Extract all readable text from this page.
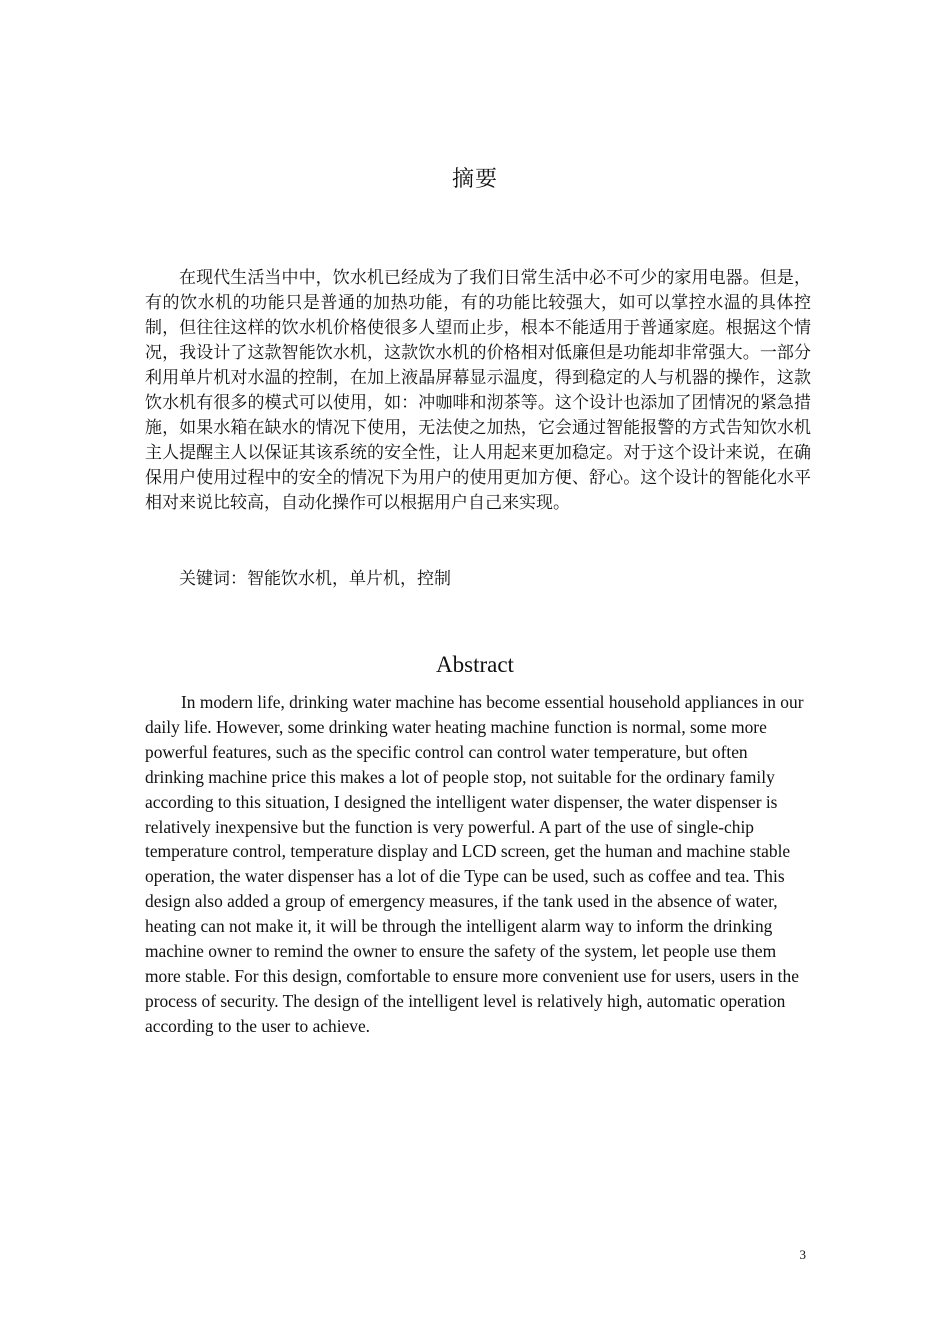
摘要
在现代生活当中中，饮水机已经成为了我们日常生活中必不可少的家用电器。但是，有的饮水机的功能只是普通的加热功能，有的功能比较强大，如可以掌控水温的具体控制，但往往这样的饮水机价格使很多人望而止步，根本不能适用于普通家庭。根据这个情况，我设计了这款智能饮水机，这款饮水机的价格相对低廉但是功能却非常强大。一部分利用单片机对水温的控制，在加上液晶屏幕显示温度，得到稳定的人与机器的操作，这款饮水机有很多的模式可以使用，如：冲咖啡和沏茶等。这个设计也添加了团情况的紧急措施，如果水箱在缺水的情况下使用，无法使之加热，它会通过智能报警的方式告知饮水机主人提醒主人以保证其该系统的安全性，让人用起来更加稳定。对于这个设计来说，在确保用户使用过程中的安全的情况下为用户的使用更加方便、舒心。这个设计的智能化水平相对来说比较高，自动化操作可以根据用户自己来实现。
关键词：智能饮水机，单片机，控制
Abstract
In modern life, drinking water machine has become essential household appliances in our daily life. However, some drinking water heating machine function is normal, some more powerful features, such as the specific control can control water temperature, but often drinking machine price this makes a lot of people stop, not suitable for the ordinary family according to this situation, I designed the intelligent water dispenser, the water dispenser is relatively inexpensive but the function is very powerful. A part of the use of single-chip temperature control, temperature display and LCD screen, get the human and machine stable operation, the water dispenser has a lot of die Type can be used, such as coffee and tea. This design also added a group of emergency measures, if the tank used in the absence of water, heating can not make it, it will be through the intelligent alarm way to inform the drinking machine owner to remind the owner to ensure the safety of the system, let people use them more stable. For this design, comfortable to ensure more convenient use for users, users in the process of security. The design of the intelligent level is relatively high, automatic operation according to the user to achieve.
3
